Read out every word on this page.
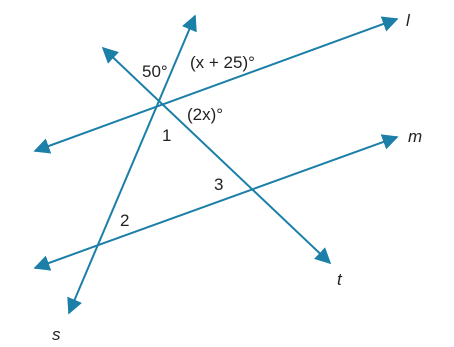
l
m
s
t
50° (x + 25)°
(2x)°
1
2
3
